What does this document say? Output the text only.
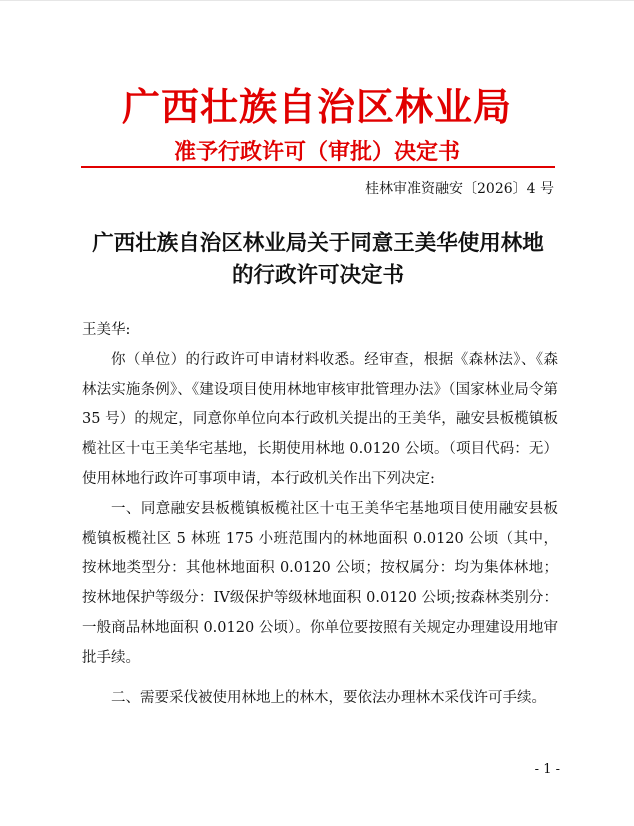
广西壮族自治区林业局
准予行政许可（审批）决定书
桂林审准资融安〔2026〕4 号
广西壮族自治区林业局关于同意王美华使用林地的行政许可决定书

王美华:

你（单位）的行政许可申请材料收悉。经审查，根据《森林法》、《森林法实施条例》、《建设项目使用林地审核审批管理办法》（国家林业局令第 35 号）的规定，同意你单位向本行政机关提出的王美华，融安县板榄镇板榄社区十屯王美华宅基地，长期使用林地 0.0120 公顷。（项目代码：无）使用林地行政许可事项申请，本行政机关作出下列决定:

一、同意融安县板榄镇板榄社区十屯王美华宅基地项目使用融安县板榄镇板榄社区 5 林班 175 小班范围内的林地面积 0.0120 公顷（其中，按林地类型分：其他林地面积 0.0120 公顷；按权属分：均为集体林地；按林地保护等级分：IV级保护等级林地面积 0.0120 公顷;按森林类别分：一般商品林地面积 0.0120 公顷）。你单位要按照有关规定办理建设用地审批手续。

二、需要采伐被使用林地上的林木，要依法办理林木采伐许可手续。

- 1 -
